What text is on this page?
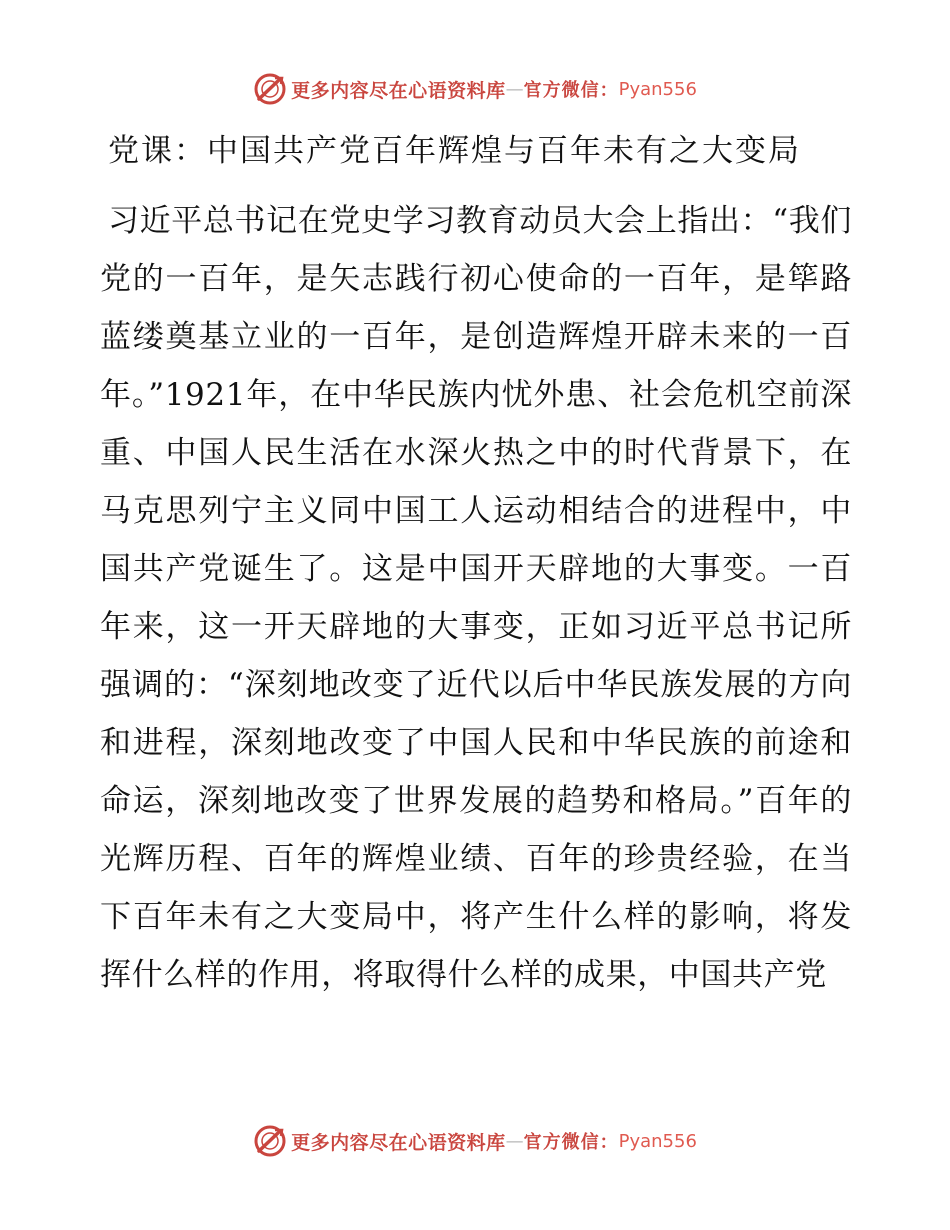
更多内容尽在心语资料库 — 官方微信： Pyan556
党课：中国共产党百年辉煌与百年未有之大变局
习近平总书记在党史学习教育动员大会上指出：“我们党的一百年，是矢志践行初心使命的一百年，是筚路蓝缕奠基立业的一百年，是创造辉煌开辟未来的一百年。”1921年，在中华民族内忧外患、社会危机空前深重、中国人民生活在水深火热之中的时代背景下，在马克思列宁主义同中国工人运动相结合的进程中，中国共产党诞生了。这是中国开天辟地的大事变。一百年来，这一开天辟地的大事变，正如习近平总书记所强调的：“深刻地改变了近代以后中华民族发展的方向和进程，深刻地改变了中国人民和中华民族的前途和命运，深刻地改变了世界发展的趋势和格局。”百年的光辉历程、百年的辉煌业绩、百年的珍贵经验，在当下百年未有之大变局中，将产生什么样的影响，将发挥什么样的作用，将取得什么样的成果，中国共产党
更多内容尽在心语资料库 — 官方微信： Pyan556
